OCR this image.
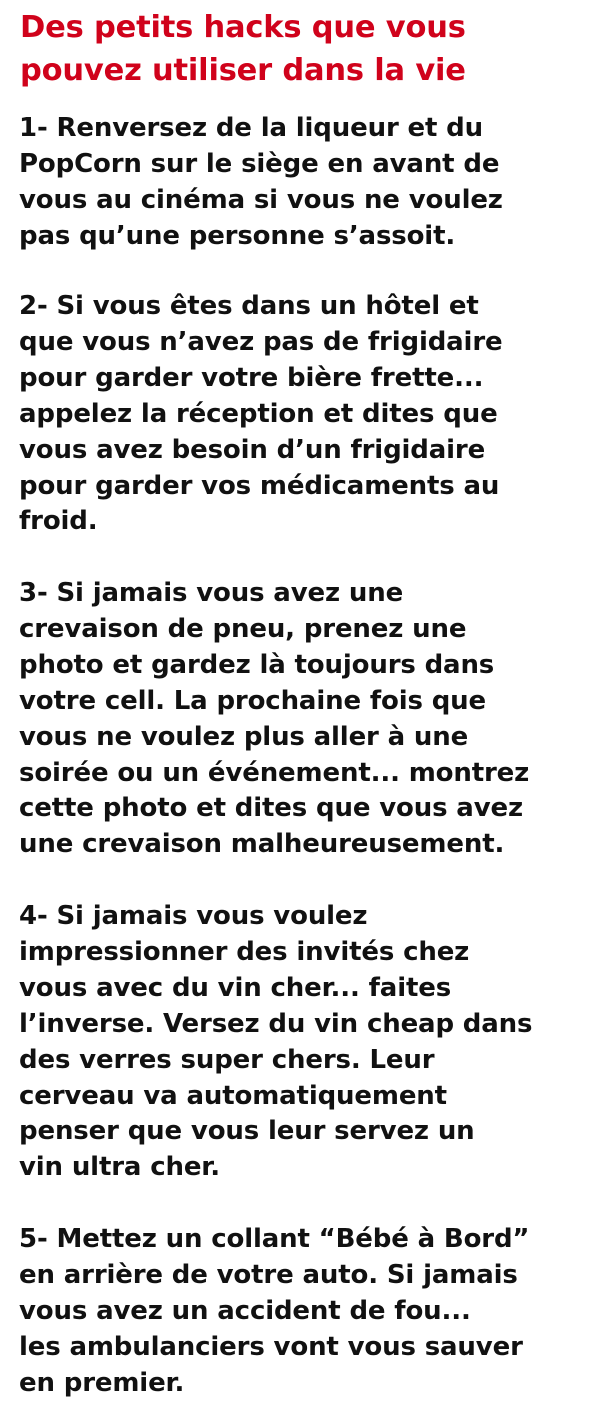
Des petits hacks que vous
pouvez utiliser dans la vie

1- Renversez de la liqueur et du
PopCorn sur le siège en avant de
vous au cinéma si vous ne voulez
pas qu’une personne s’assoit.

2- Si vous êtes dans un hôtel et
que vous n’avez pas de frigidaire
pour garder votre bière frette...
appelez la réception et dites que
vous avez besoin d’un frigidaire
pour garder vos médicaments au
froid.

3- Si jamais vous avez une
crevaison de pneu, prenez une
photo et gardez là toujours dans
votre cell. La prochaine fois que
vous ne voulez plus aller à une
soirée ou un événement... montrez
cette photo et dites que vous avez
une crevaison malheureusement.

4- Si jamais vous voulez
impressionner des invités chez
vous avec du vin cher... faites
l’inverse. Versez du vin cheap dans
des verres super chers. Leur
cerveau va automatiquement
penser que vous leur servez un
vin ultra cher.

5- Mettez un collant “Bébé à Bord”
en arrière de votre auto. Si jamais
vous avez un accident de fou...
les ambulanciers vont vous sauver
en premier.
